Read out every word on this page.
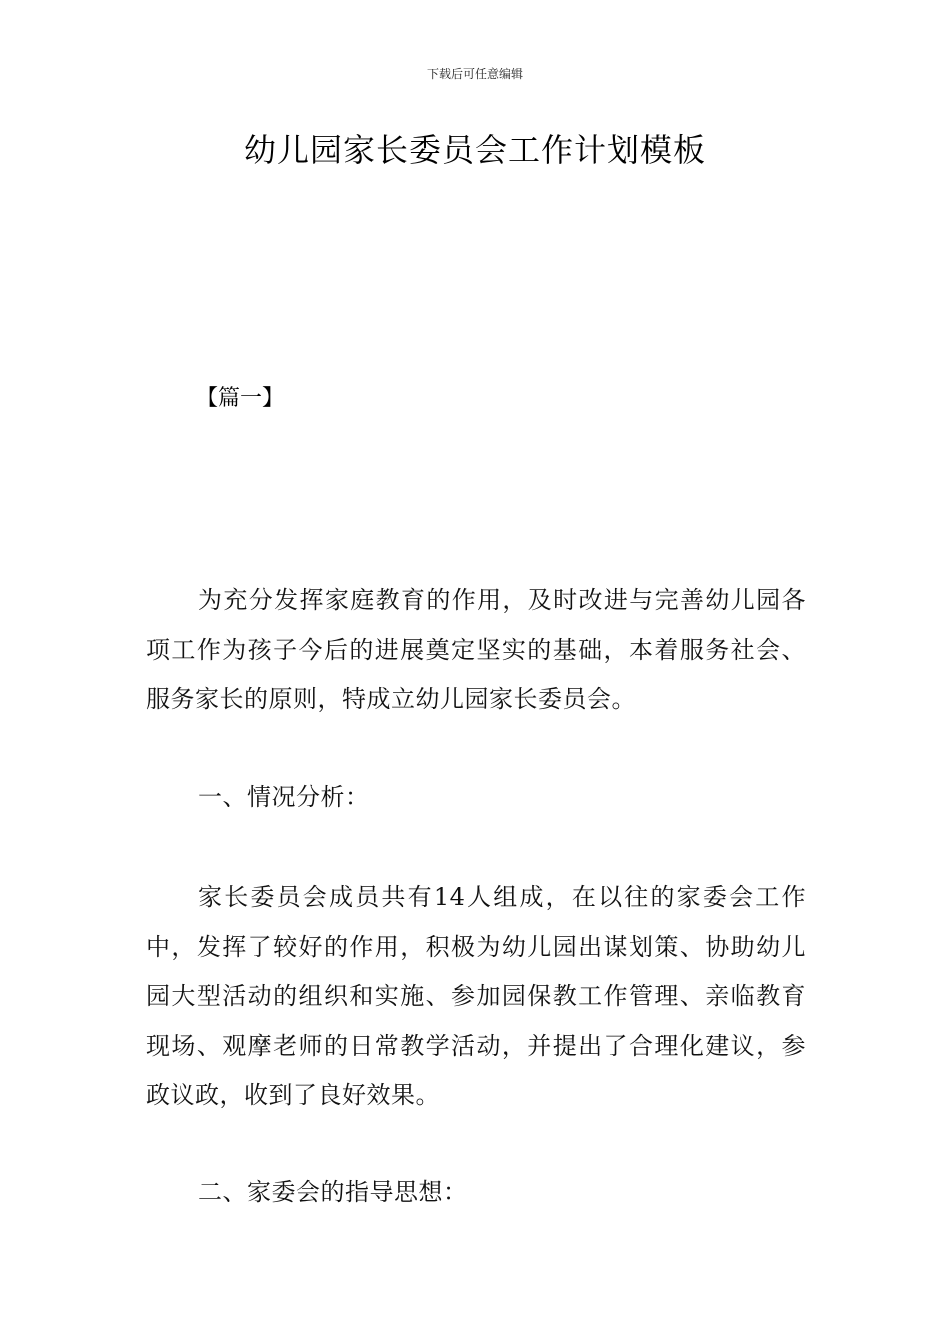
下载后可任意编辑
幼儿园家长委员会工作计划模板
【篇一】

为充分发挥家庭教育的作用，及时改进与完善幼儿园各项工作为孩子今后的进展奠定坚实的基础，本着服务社会、服务家长的原则，特成立幼儿园家长委员会。

一、情况分析：

家长委员会成员共有14人组成，在以往的家委会工作中，发挥了较好的作用，积极为幼儿园出谋划策、协助幼儿园大型活动的组织和实施、参加园保教工作管理、亲临教育现场、观摩老师的日常教学活动，并提出了合理化建议，参政议政，收到了良好效果。

二、家委会的指导思想：
